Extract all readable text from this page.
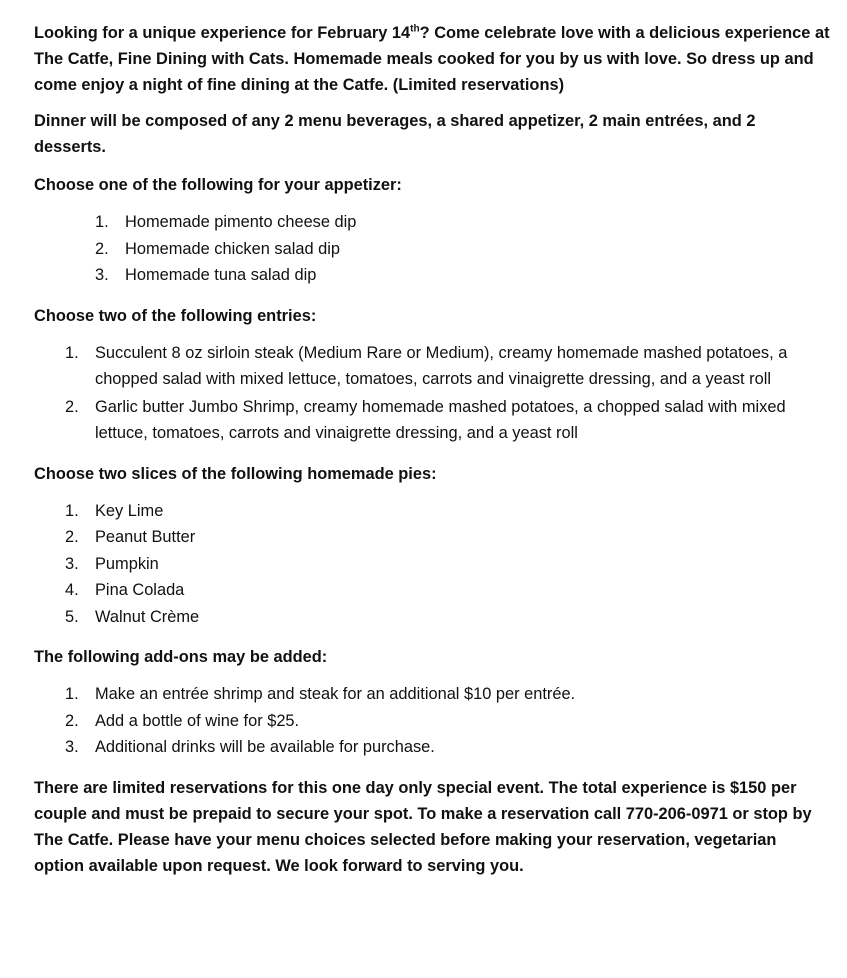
Looking for a unique experience for February 14th? Come celebrate love with a delicious experience at The Catfe, Fine Dining with Cats. Homemade meals cooked for you by us with love. So dress up and come enjoy a night of fine dining at the Catfe. (Limited reservations)

Dinner will be composed of any 2 menu beverages, a shared appetizer, 2 main entrées, and 2 desserts.

Choose one of the following for your appetizer:

1. Homemade pimento cheese dip
2. Homemade chicken salad dip
3. Homemade tuna salad dip

Choose two of the following entries:

1. Succulent 8 oz sirloin steak (Medium Rare or Medium), creamy homemade mashed potatoes, a chopped salad with mixed lettuce, tomatoes, carrots and vinaigrette dressing, and a yeast roll
2. Garlic butter Jumbo Shrimp, creamy homemade mashed potatoes, a chopped salad with mixed lettuce, tomatoes, carrots and vinaigrette dressing, and a yeast roll

Choose two slices of the following homemade pies:

1. Key Lime
2. Peanut Butter
3. Pumpkin
4. Pina Colada
5. Walnut Crème

The following add-ons may be added:

1. Make an entrée shrimp and steak for an additional $10 per entrée.
2. Add a bottle of wine for $25.
3. Additional drinks will be available for purchase.

There are limited reservations for this one day only special event. The total experience is $150 per couple and must be prepaid to secure your spot. To make a reservation call 770-206-0971 or stop by The Catfe. Please have your menu choices selected before making your reservation, vegetarian option available upon request. We look forward to serving you.
